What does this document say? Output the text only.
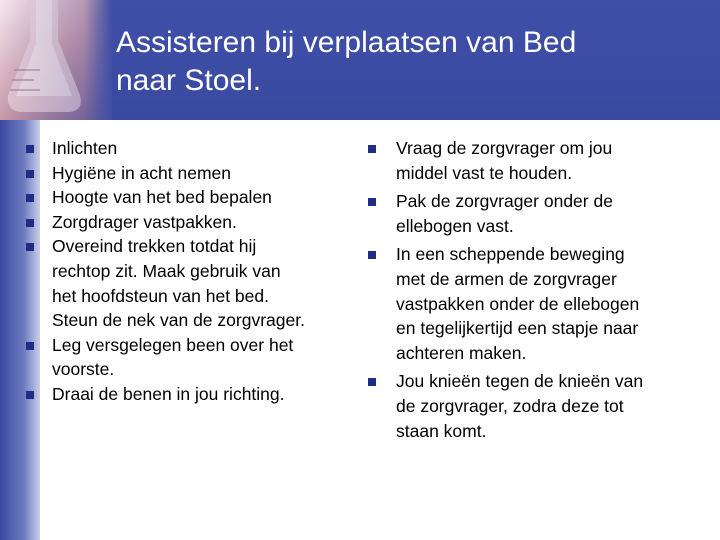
Assisteren bij verplaatsen van Bed
naar Stoel.
Inlichten
Hygiëne in acht nemen
Hoogte van het bed bepalen
Zorgdrager vastpakken.
Overeind trekken totdat hij
rechtop zit. Maak gebruik van
het hoofdsteun van het bed.
Steun de nek van de zorgvrager.
Leg versgelegen been over het
voorste.
Draai de benen in jou richting.
Vraag de zorgvrager om jou
middel vast te houden.
Pak de zorgvrager onder de
ellebogen vast.
In een scheppende beweging
met de armen de zorgvrager
vastpakken onder de ellebogen
en tegelijkertijd een stapje naar
achteren maken.
Jou knieën tegen de knieën van
de zorgvrager, zodra deze tot
staan komt.
